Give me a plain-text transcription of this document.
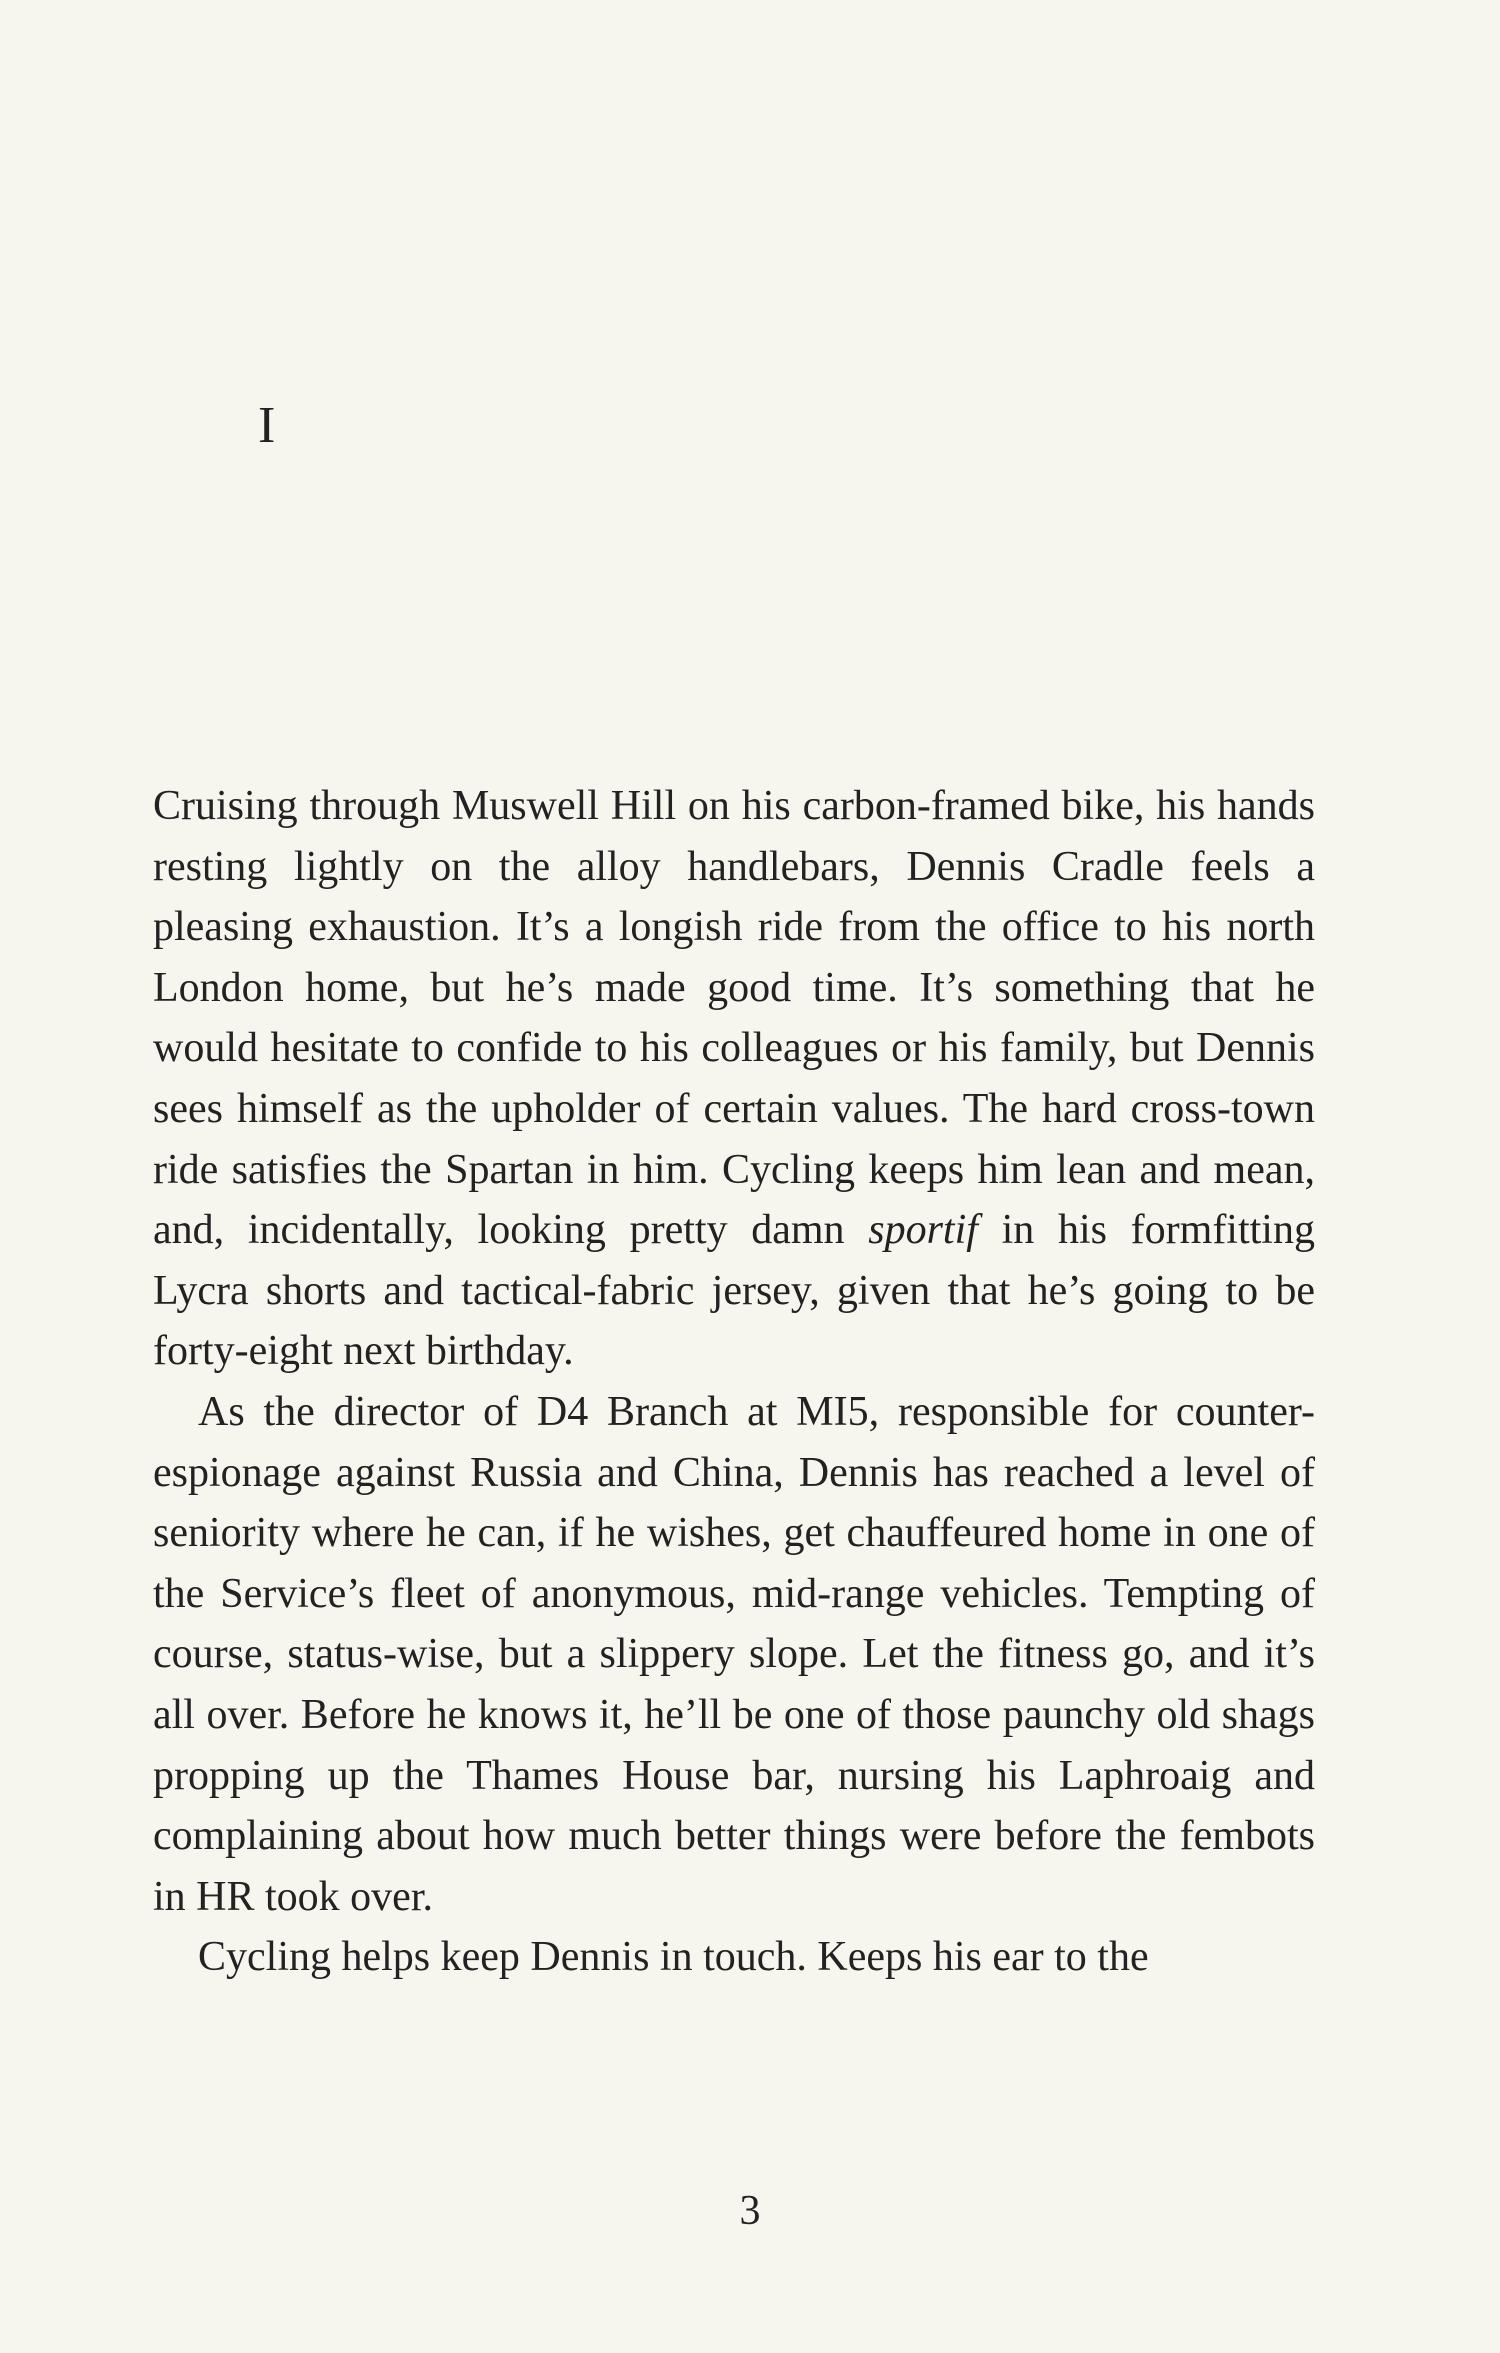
I

Cruising through Muswell Hill on his carbon-framed bike, his hands resting lightly on the alloy handlebars, Dennis Cradle feels a pleasing exhaustion. It’s a longish ride from the office to his north London home, but he’s made good time. It’s something that he would hesitate to confide to his colleagues or his family, but Dennis sees himself as the upholder of certain values. The hard cross-town ride satisfies the Spartan in him. Cycling keeps him lean and mean, and, incidentally, looking pretty damn sportif in his formfitting Lycra shorts and tactical-fabric jersey, given that he’s going to be forty-eight next birthday.

As the director of D4 Branch at MI5, responsible for counter-espionage against Russia and China, Dennis has reached a level of seniority where he can, if he wishes, get chauffeured home in one of the Service’s fleet of anonymous, mid-range vehicles. Tempting of course, status-wise, but a slippery slope. Let the fitness go, and it’s all over. Before he knows it, he’ll be one of those paunchy old shags propping up the Thames House bar, nursing his Laphroaig and complaining about how much better things were before the fembots in HR took over.

Cycling helps keep Dennis in touch. Keeps his ear to the

3
